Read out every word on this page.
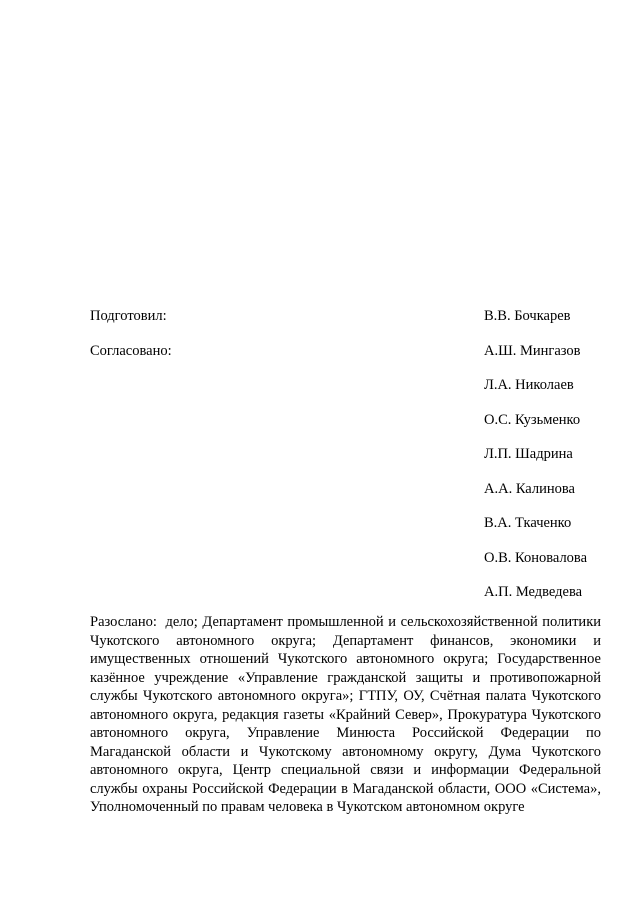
Подготовил:	В.В. Бочкарев
Согласовано:	А.Ш. Мингазов
Л.А. Николаев
О.С. Кузьменко
Л.П. Шадрина
А.А. Калинова
В.А. Ткаченко
О.В. Коновалова
А.П. Медведева
Разослано: дело; Департамент промышленной и сельскохозяйственной политики Чукотского автономного округа; Департамент финансов, экономики и имущественных отношений Чукотского автономного округа; Государственное казённое учреждение «Управление гражданской защиты и противопожарной службы Чукотского автономного округа»; ГТПУ, ОУ, Счётная палата Чукотского автономного округа, редакция газеты «Крайний Север», Прокуратура Чукотского автономного округа, Управление Минюста Российской Федерации по Магаданской области и Чукотскому автономному округу, Дума Чукотского автономного округа, Центр специальной связи и информации Федеральной службы охраны Российской Федерации в Магаданской области, ООО «Система», Уполномоченный по правам человека в Чукотском автономном округе
